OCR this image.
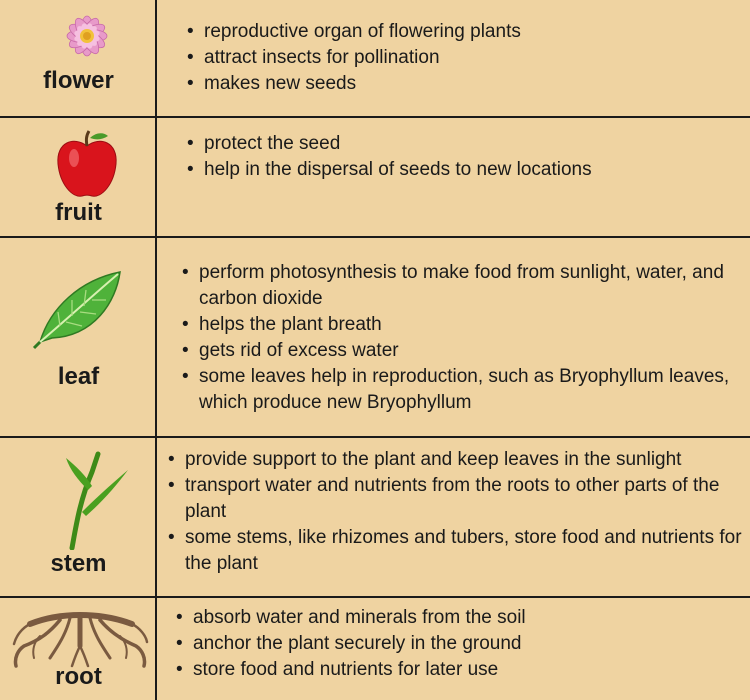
flower
• reproductive organ of flowering plants
• attract insects for pollination
• makes new seeds
fruit
• protect the seed
• help in the dispersal of seeds to new locations
leaf
• perform photosynthesis to make food from sunlight, water, and carbon dioxide
• helps the plant breath
• gets rid of excess water
• some leaves help in reproduction, such as Bryophyllum leaves, which produce new Bryophyllum
stem
• provide support to the plant and keep leaves in the sunlight
• transport water and nutrients from the roots to other parts of the plant
• some stems, like rhizomes and tubers, store food and nutrients for the plant
root
• absorb water and minerals from the soil
• anchor the plant securely in the ground
• store food and nutrients for later use
